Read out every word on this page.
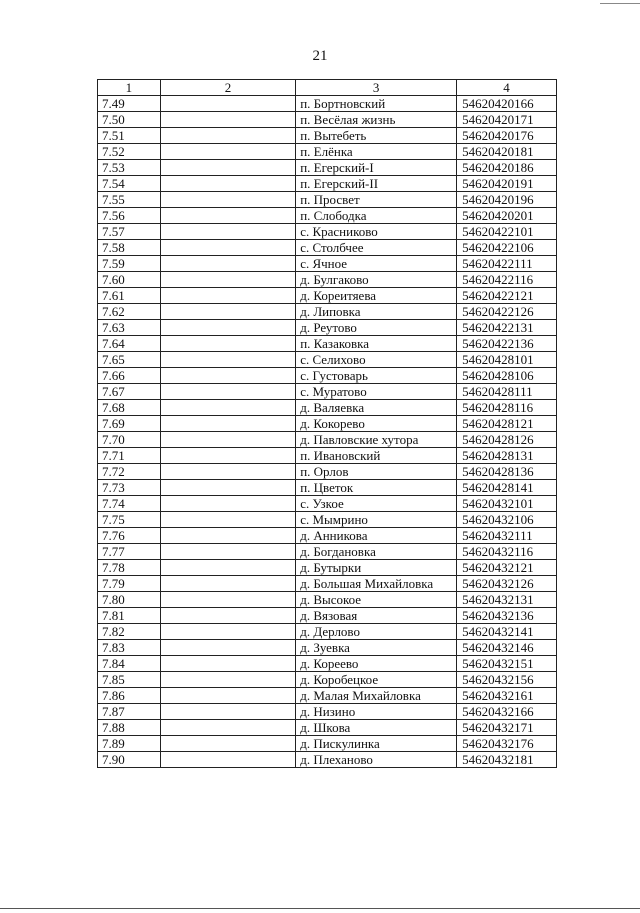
21
1	2	3	4
7.49		п. Бортновский	54620420166
7.50		п. Весёлая жизнь	54620420171
7.51		п. Вытебеть	54620420176
7.52		п. Елёнка	54620420181
7.53		п. Егерский-I	54620420186
7.54		п. Егерский-II	54620420191
7.55		п. Просвет	54620420196
7.56		п. Слободка	54620420201
7.57		с. Красниково	54620422101
7.58		с. Столбчее	54620422106
7.59		с. Ячное	54620422111
7.60		д. Булгаково	54620422116
7.61		д. Кореитяева	54620422121
7.62		д. Липовка	54620422126
7.63		д. Реутово	54620422131
7.64		п. Казаковка	54620422136
7.65		с. Селихово	54620428101
7.66		с. Густоварь	54620428106
7.67		с. Муратово	54620428111
7.68		д. Валяевка	54620428116
7.69		д. Кокорево	54620428121
7.70		д. Павловские хутора	54620428126
7.71		п. Ивановский	54620428131
7.72		п. Орлов	54620428136
7.73		п. Цветок	54620428141
7.74		с. Узкое	54620432101
7.75		с. Мымрино	54620432106
7.76		д. Анникова	54620432111
7.77		д. Богдановка	54620432116
7.78		д. Бутырки	54620432121
7.79		д. Большая Михайловка	54620432126
7.80		д. Высокое	54620432131
7.81		д. Вязовая	54620432136
7.82		д. Дерлово	54620432141
7.83		д. Зуевка	54620432146
7.84		д. Кореево	54620432151
7.85		д. Коробецкое	54620432156
7.86		д. Малая Михайловка	54620432161
7.87		д. Низино	54620432166
7.88		д. Шкова	54620432171
7.89		д. Пискулинка	54620432176
7.90		д. Плеханово	54620432181
